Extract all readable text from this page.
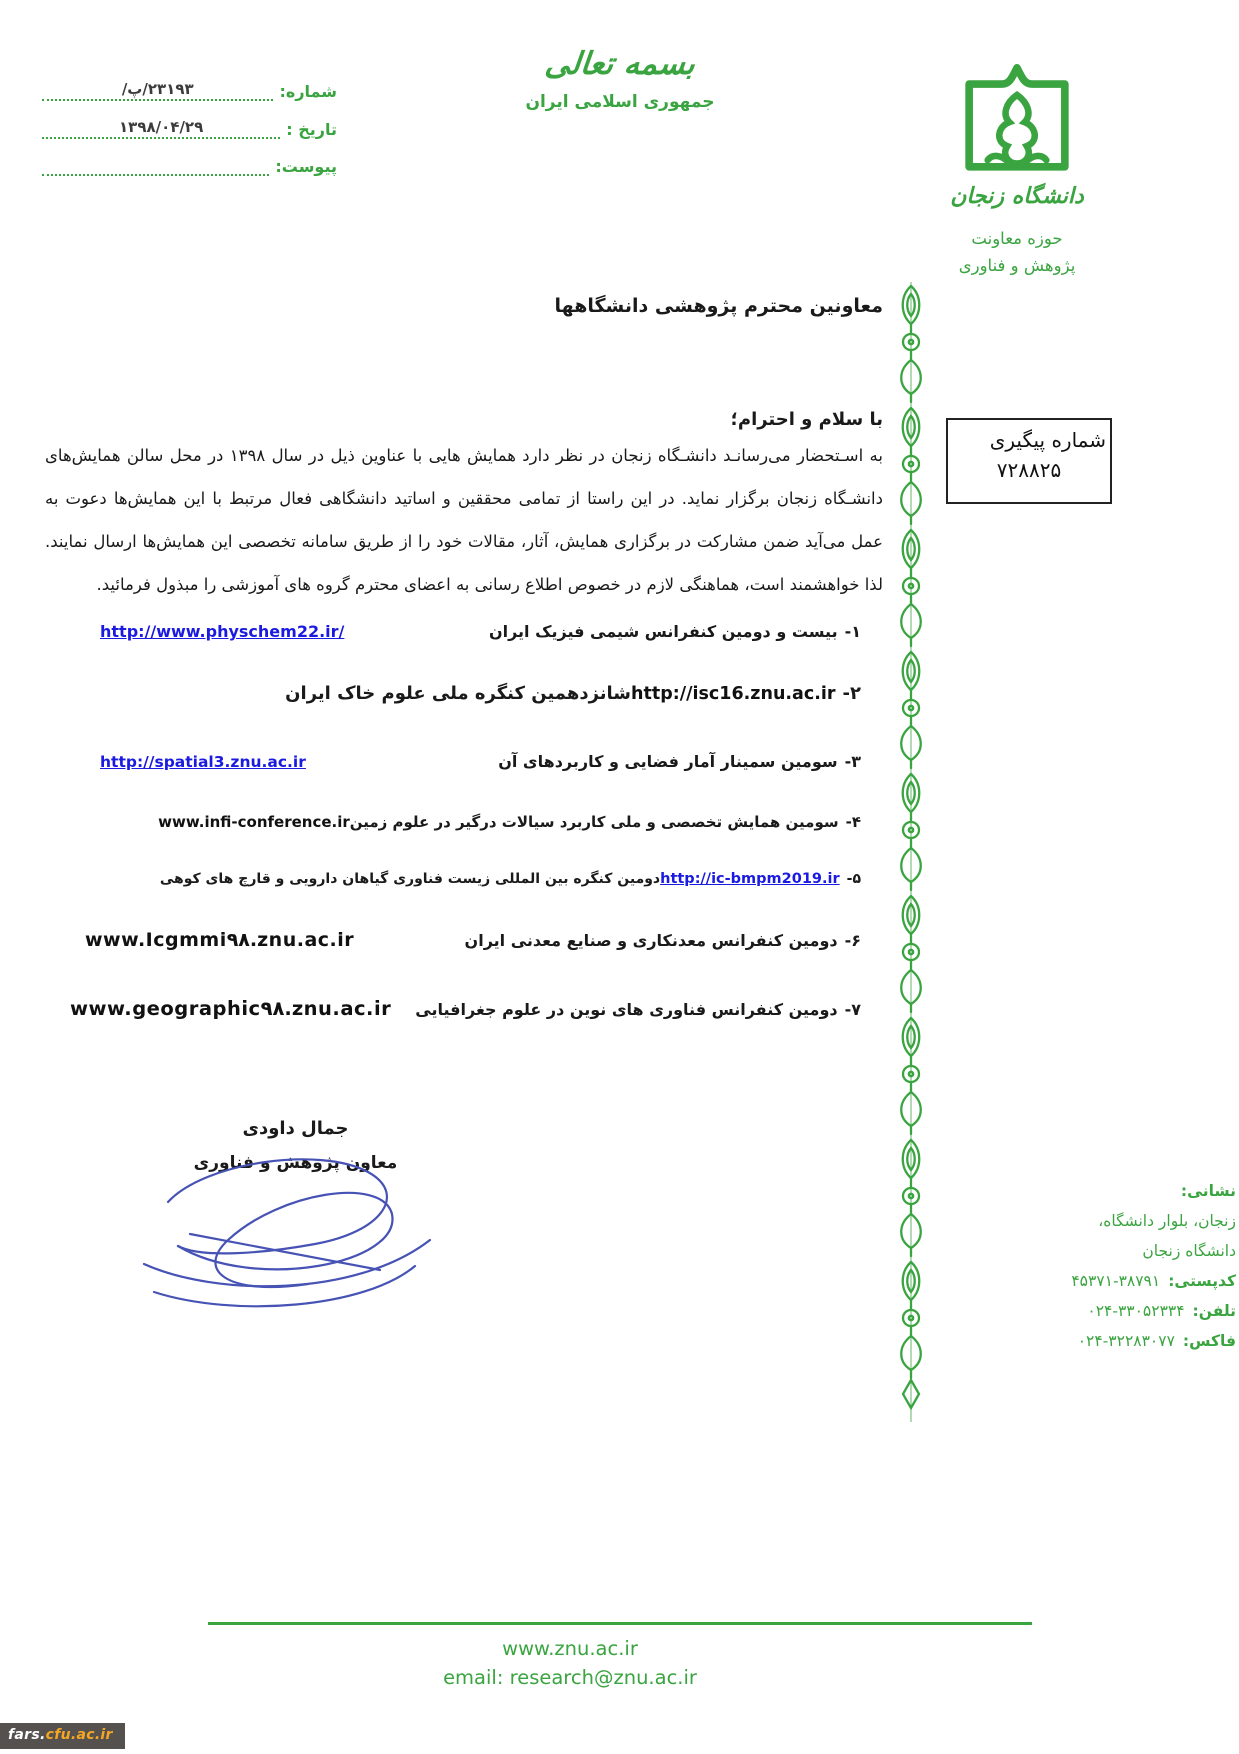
شماره:
۲۳۱۹۳/پ/
تاریخ :
۱۳۹۸/۰۴/۲۹
پیوست:
بسمه تعالی
جمهوری اسلامی ایران
دانشگاه زنجان
حوزه معاونت
پژوهش و فناوری
شماره پیگیری
۷۲۸۸۲۵
معاونین محترم پژوهشی دانشگاهها
با سلام و احترام؛

به اسـتحضار می‌رسانـد دانشـگاه زنجان در نظر دارد همایش هایی با عناوین ذیل در سال ۱۳۹۸ در محل سالن همایش‌های دانشـگاه زنجان برگزار نماید. در این راستا از تمامی محققین و اساتید دانشگاهی فعال مرتبط با این همایش‌ها دعوت به عمل می‌آید ضمن مشارکت در برگزاری همایش، آثار، مقالات خود را از طریق سامانه تخصصی این همایش‌ها ارسال نمایند. لذا خواهشمند است، هماهنگی لازم در خصوص اطلاع رسانی به اعضای محترم گروه های آموزشی را مبذول فرمائید.

۱-بیست و دومین کنفرانس شیمی فیزیک ایران
http://www.physchem22.ir/
۲-http://isc16.znu.ac.irشانزدهمین کنگره ملی علوم خاک ایران
۳-سومین سمینار آمار فضایی و کاربردهای آن
http://spatial3.znu.ac.ir
۴-سومین همایش تخصصی و ملی کاربرد سیالات درگیر در علوم زمینwww.infi-conference.ir
۵-http://ic-bmpm2019.irدومین کنگره بین المللی زیست فناوری گیاهان دارویی و قارچ های کوهی
۶-دومین کنفرانس معدنکاری و صنایع معدنی ایران
www.Icgmmi۹۸.znu.ac.ir
۷-دومین کنفرانس فناوری های نوین در علوم جغرافیایی
www.geographic۹۸.znu.ac.ir
جمال داودی
معاون پژوهش و فناوری
نشانی:
زنجان، بلوار دانشگاه،
دانشگاه زنجان
کدپستی:
۴۵۳۷۱-۳۸۷۹۱
تلفن:
۰۲۴-۳۳۰۵۲۳۳۴
فاکس:
۰۲۴-۳۲۲۸۳۰۷۷
www.znu.ac.ir
email: research@znu.ac.ir
fars.cfu.ac.ir
